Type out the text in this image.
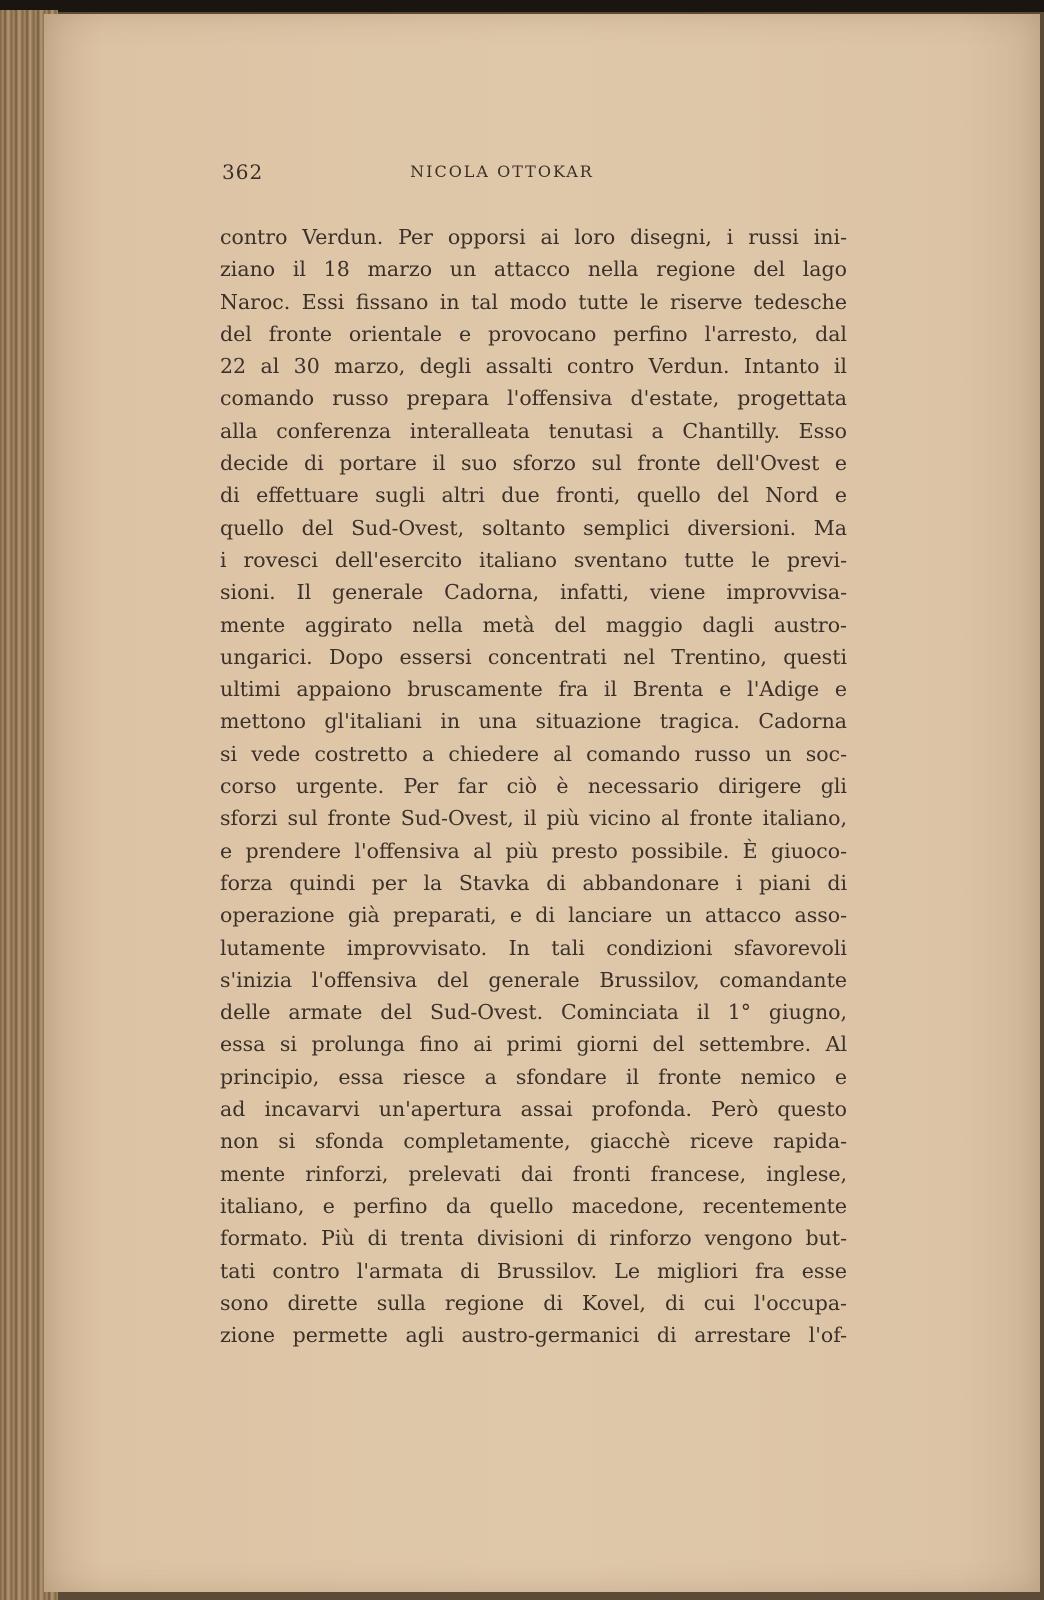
362	NICOLA OTTOKAR
contro Verdun. Per opporsi ai loro disegni, i russi ini-
ziano il 18 marzo un attacco nella regione del lago
Naroc. Essi fissano in tal modo tutte le riserve tedesche
del fronte orientale e provocano perfino l'arresto, dal
22 al 30 marzo, degli assalti contro Verdun. Intanto il
comando russo prepara l'offensiva d'estate, progettata
alla conferenza interalleata tenutasi a Chantilly. Esso
decide di portare il suo sforzo sul fronte dell'Ovest e
di effettuare sugli altri due fronti, quello del Nord e
quello del Sud-Ovest, soltanto semplici diversioni. Ma
i rovesci dell'esercito italiano sventano tutte le previ-
sioni. Il generale Cadorna, infatti, viene improvvisa-
mente aggirato nella metà del maggio dagli austro-
ungarici. Dopo essersi concentrati nel Trentino, questi
ultimi appaiono bruscamente fra il Brenta e l'Adige e
mettono gl'italiani in una situazione tragica. Cadorna
si vede costretto a chiedere al comando russo un soc-
corso urgente. Per far ciò è necessario dirigere gli
sforzi sul fronte Sud-Ovest, il più vicino al fronte italiano,
e prendere l'offensiva al più presto possibile. È giuoco-
forza quindi per la Stavka di abbandonare i piani di
operazione già preparati, e di lanciare un attacco asso-
lutamente improvvisato. In tali condizioni sfavorevoli
s'inizia l'offensiva del generale Brussilov, comandante
delle armate del Sud-Ovest. Cominciata il 1° giugno,
essa si prolunga fino ai primi giorni del settembre. Al
principio, essa riesce a sfondare il fronte nemico e
ad incavarvi un'apertura assai profonda. Però questo
non si sfonda completamente, giacchè riceve rapida-
mente rinforzi, prelevati dai fronti francese, inglese,
italiano, e perfino da quello macedone, recentemente
formato. Più di trenta divisioni di rinforzo vengono but-
tati contro l'armata di Brussilov. Le migliori fra esse
sono dirette sulla regione di Kovel, di cui l'occupa-
zione permette agli austro-germanici di arrestare l'of-
